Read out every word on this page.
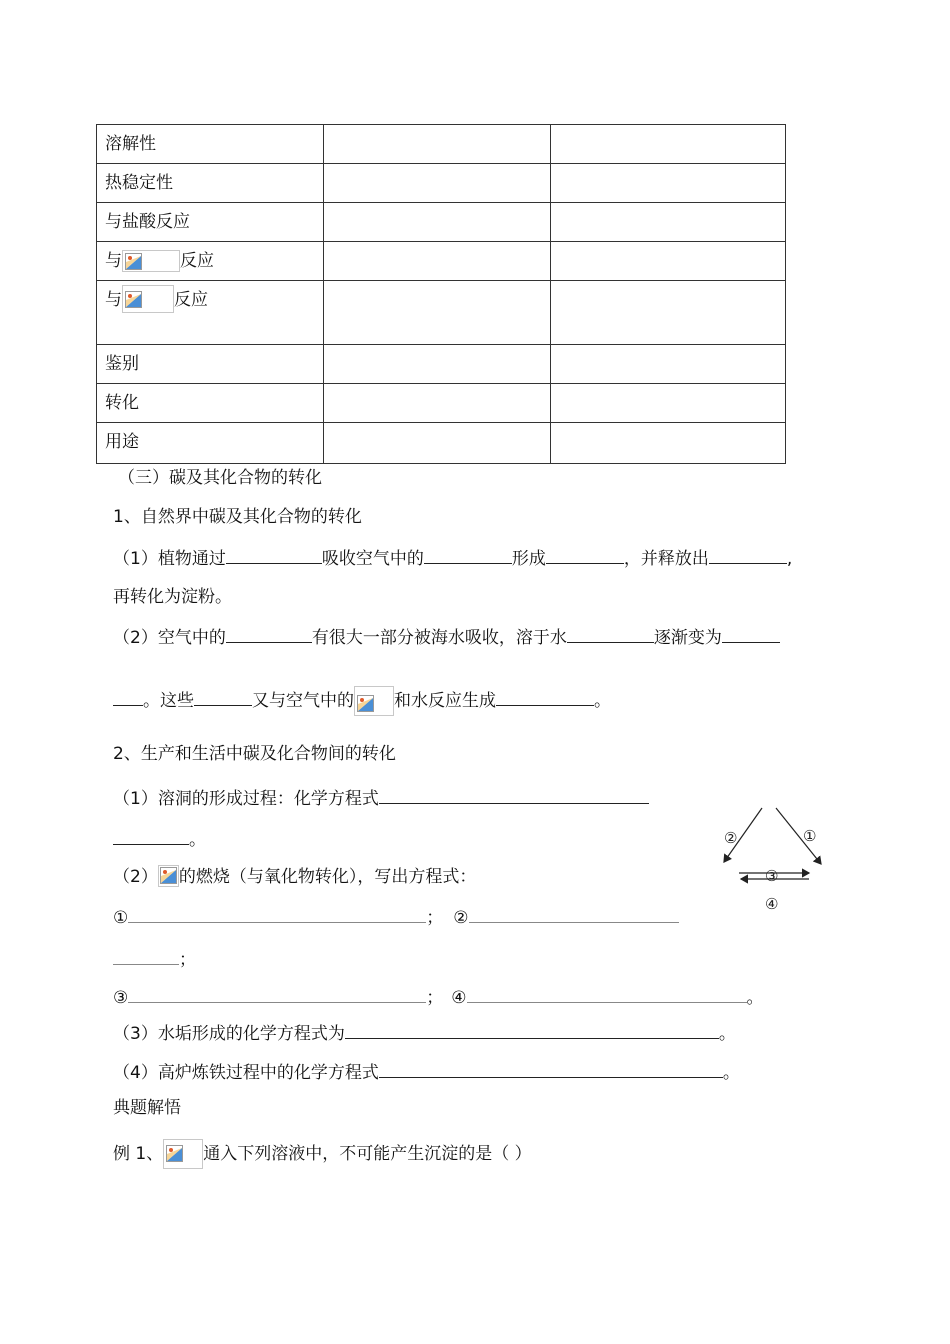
溶解性		
热稳定性		
与盐酸反应		
与 反应		
与 反应		
鉴别		
转化		
用途		
（三）碳及其化合物的转化
1、自然界中碳及其化合物的转化
（1）植物通过	吸收空气中的	形成	，并释放出	,
再转化为淀粉。
（2）空气中的	有很大一部分被海水吸收，溶于水	逐渐变为
。这些	又与空气中的 和水反应生成	。
2、生产和生活中碳及化合物间的转化
（1）溶洞的形成过程：化学方程式
。
（2） 的燃烧（与氧化物转化），写出方程式：
①	； ②
；
③	； ④	。
（3）水垢形成的化学方程式为	。
（4）高炉炼铁过程中的化学方程式	。
典题解悟
例 1、 通入下列溶液中，不可能产生沉淀的是（ ）
②	①
③
④
